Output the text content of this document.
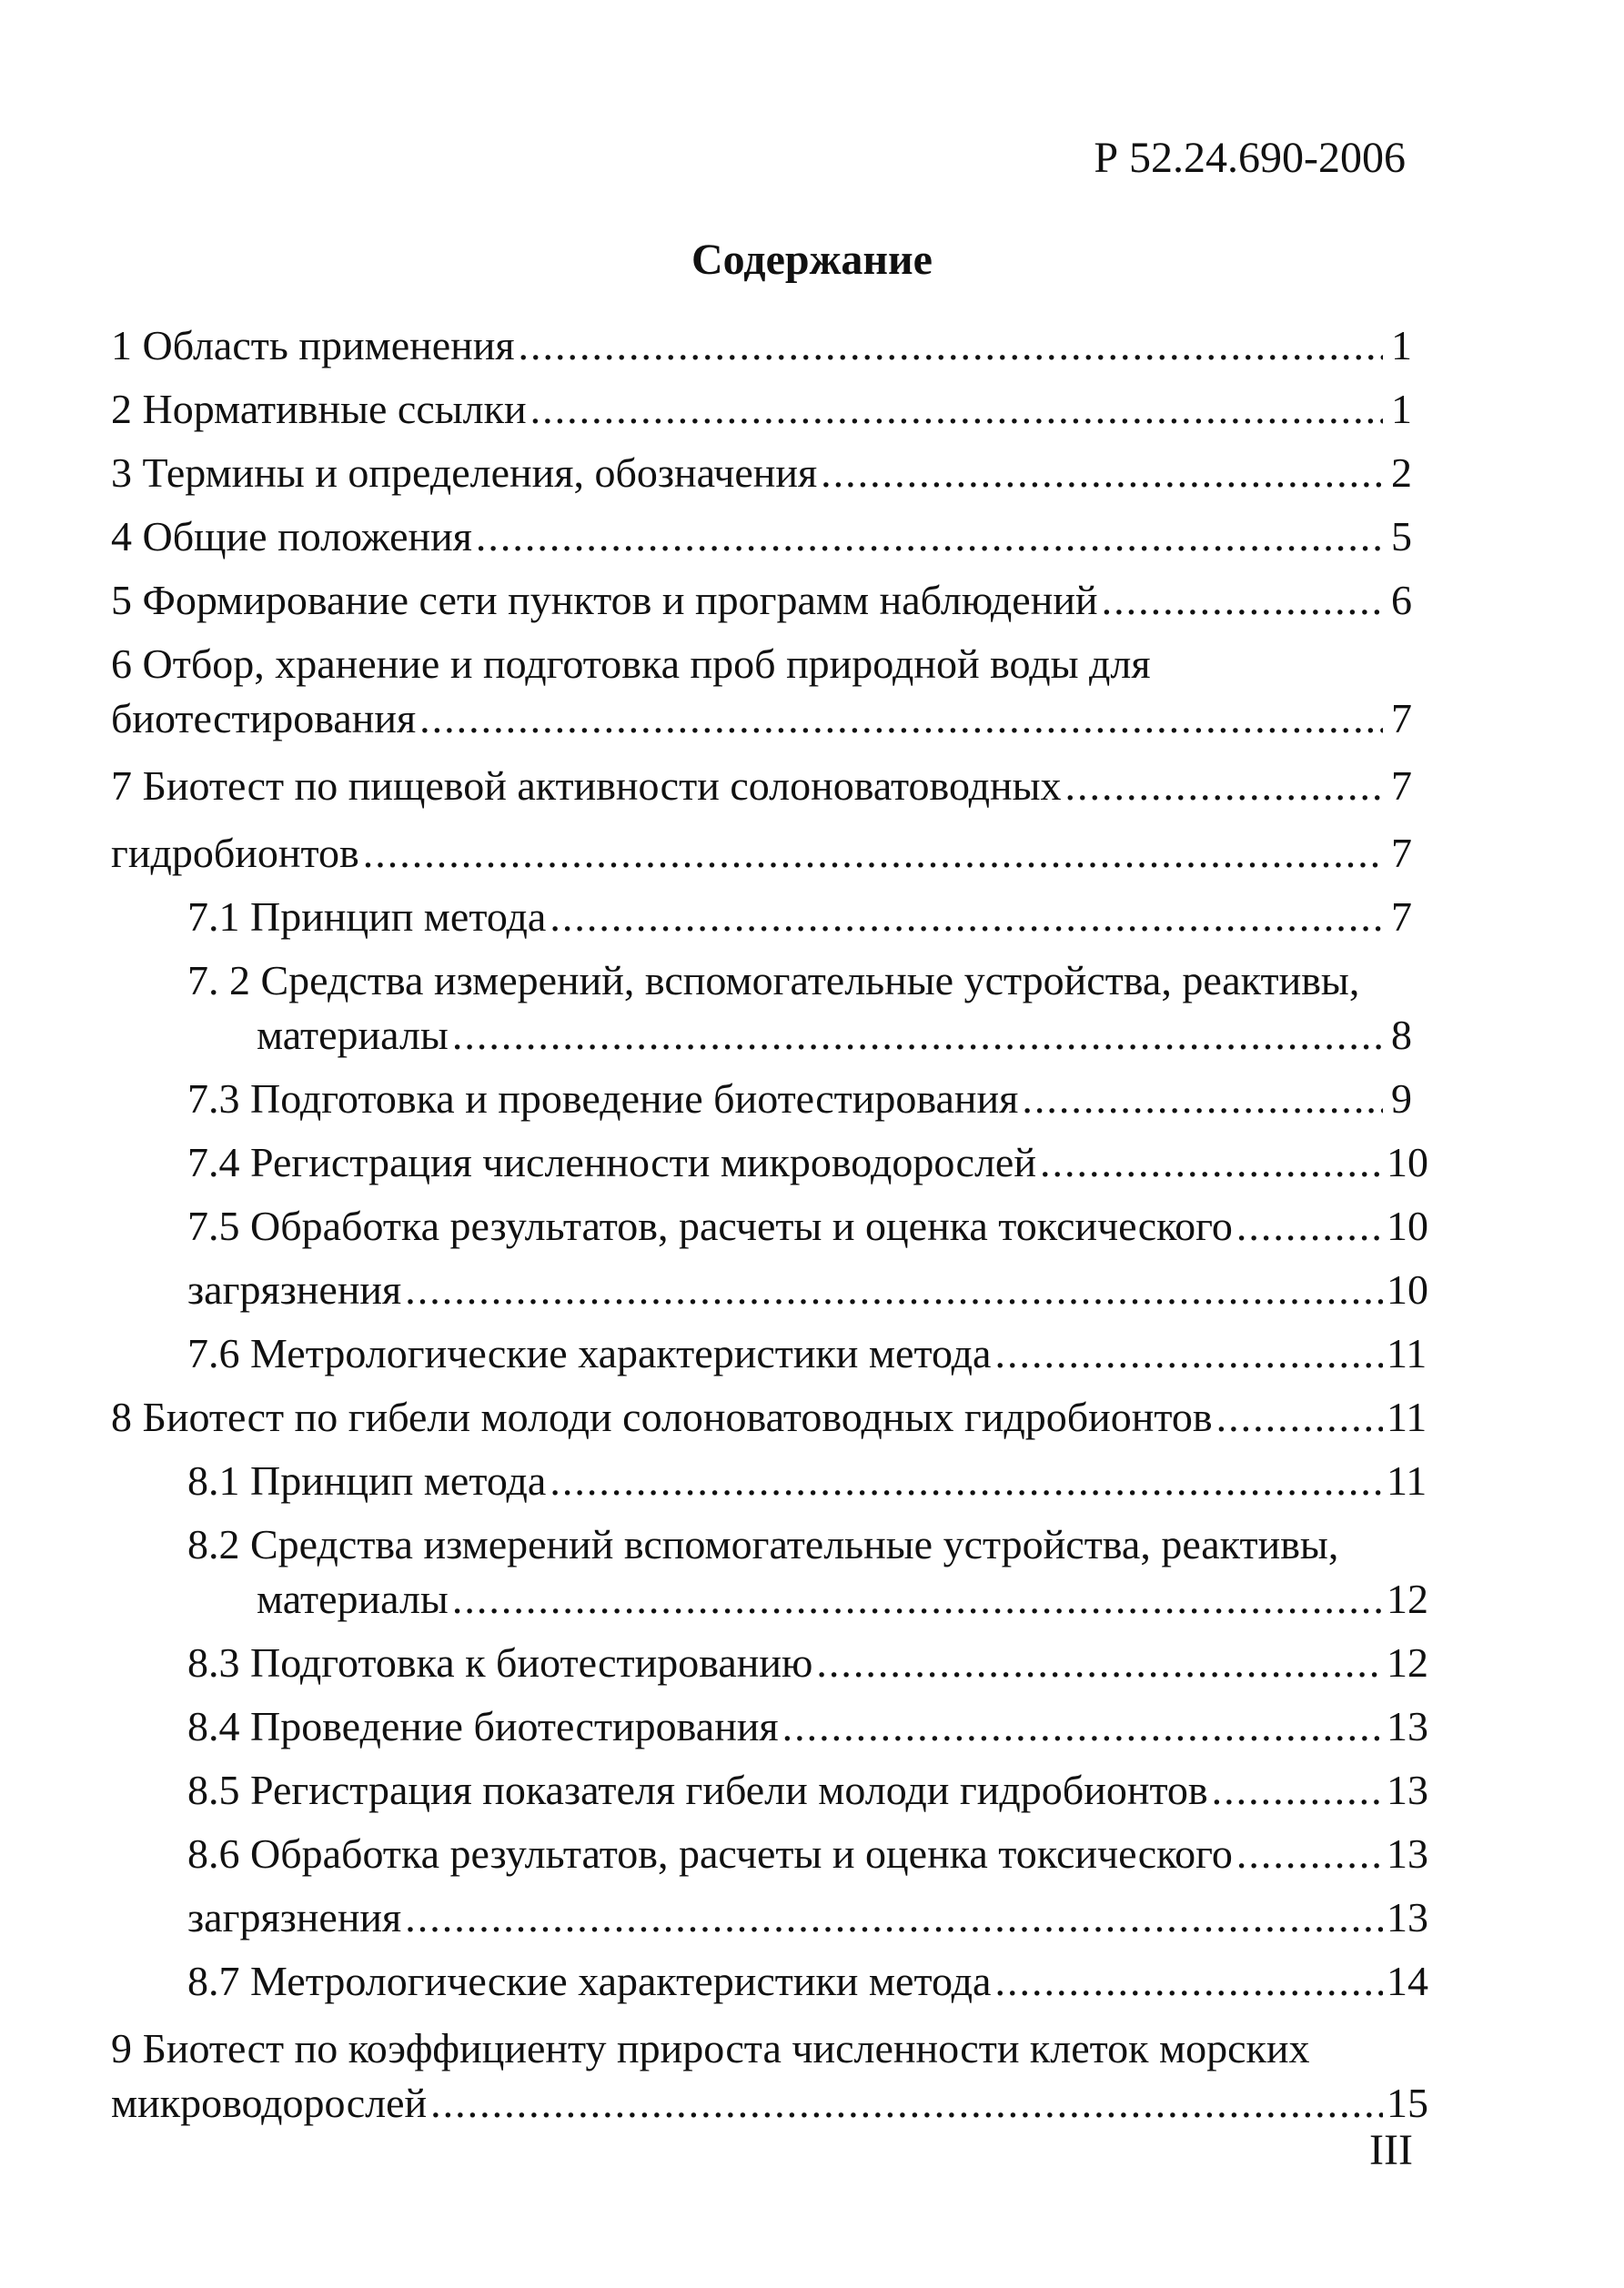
Р 52.24.690-2006
Содержание
1 Область применения .....	1
2 Нормативные ссылки .....	1
3 Термины и определения, обозначения .....	2
4 Общие положения .....	5
5 Формирование сети пунктов и программ наблюдений .....	6
6 Отбор, хранение и подготовка проб природной воды для
биотестирования .....	7
7 Биотест по пищевой активности солоноватоводных .....	7
гидробионтов .....	7
7.1 Принцип метода .....	7
7. 2 Средства измерений, вспомогательные устройства, реактивы,
материалы .....	8
7.3 Подготовка и проведение биотестирования .....	9
7.4 Регистрация численности микроводорослей .....	10
7.5 Обработка результатов, расчеты и оценка токсического .....	10
загрязнения .....	10
7.6 Метрологические характеристики метода .....	11
8 Биотест по гибели молоди солоноватоводных гидробионтов .....	11
8.1 Принцип метода .....	11
8.2 Средства измерений вспомогательные устройства, реактивы,
материалы .....	12
8.3 Подготовка к биотестированию .....	12
8.4 Проведение биотестирования .....	13
8.5 Регистрация показателя гибели молоди гидробионтов .....	13
8.6 Обработка результатов, расчеты и оценка токсического .....	13
загрязнения .....	13
8.7 Метрологические характеристики метода .....	14
9 Биотест по коэффициенту прироста численности клеток морских
микроводорослей .....	15
III
